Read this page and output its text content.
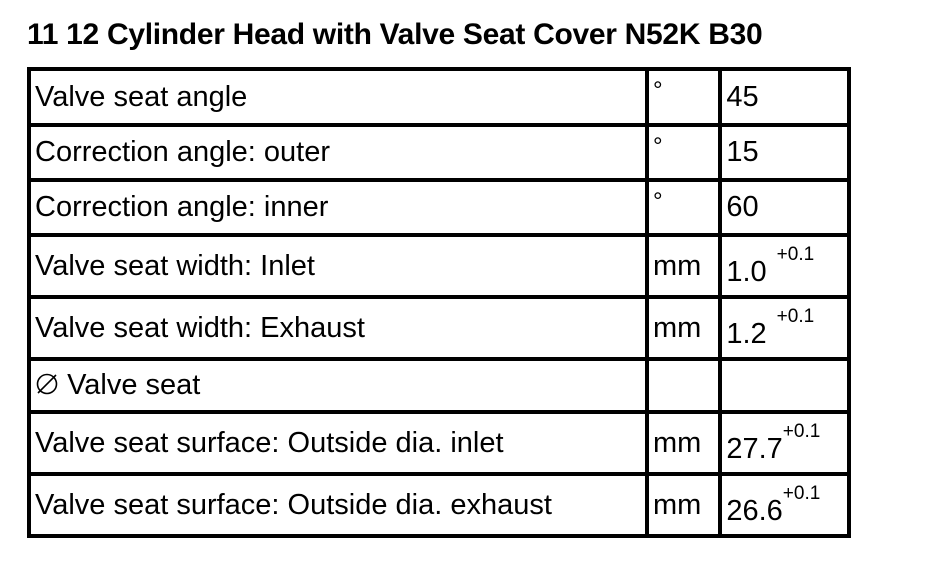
11 12 Cylinder Head with Valve Seat Cover N52K B30
Valve seat angle	°	45
Correction angle: outer	°	15
Correction angle: inner	°	60
Valve seat width: Inlet	mm	$1.0^{+0.1}$
Valve seat width: Exhaust	mm	$1.2^{+0.1}$
Valve seat		
Valve seat surface: Outside dia. inlet	mm	$27.7^{+0.1}$
Valve seat surface: Outside dia. exhaust	mm	$26.6^{+0.1}$
